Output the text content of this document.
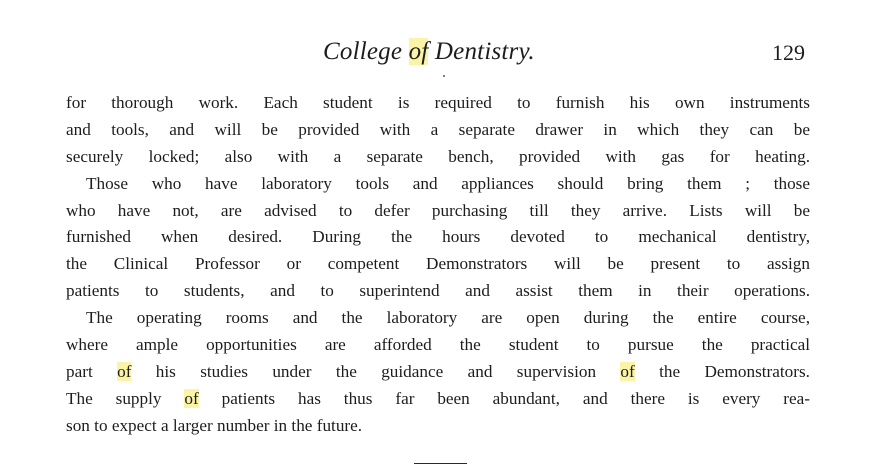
College of Dentistry.	129
for thorough work. Each student is required to furnish his own instruments
and tools, and will be provided with a separate drawer in which they can be
securely locked; also with a separate bench, provided with gas for heating.
Those who have laboratory tools and appliances should bring them ; those
who have not, are advised to defer purchasing till they arrive. Lists will be
furnished when desired. During the hours devoted to mechanical dentistry,
the Clinical Professor or competent Demonstrators will be present to assign
patients to students, and to superintend and assist them in their operations.
The operating rooms and the laboratory are open during the entire course,
where ample opportunities are afforded the student to pursue the practical
part of his studies under the guidance and supervision of the Demonstrators.
The supply of patients has thus far been abundant, and there is every rea-
son to expect a larger number in the future.
